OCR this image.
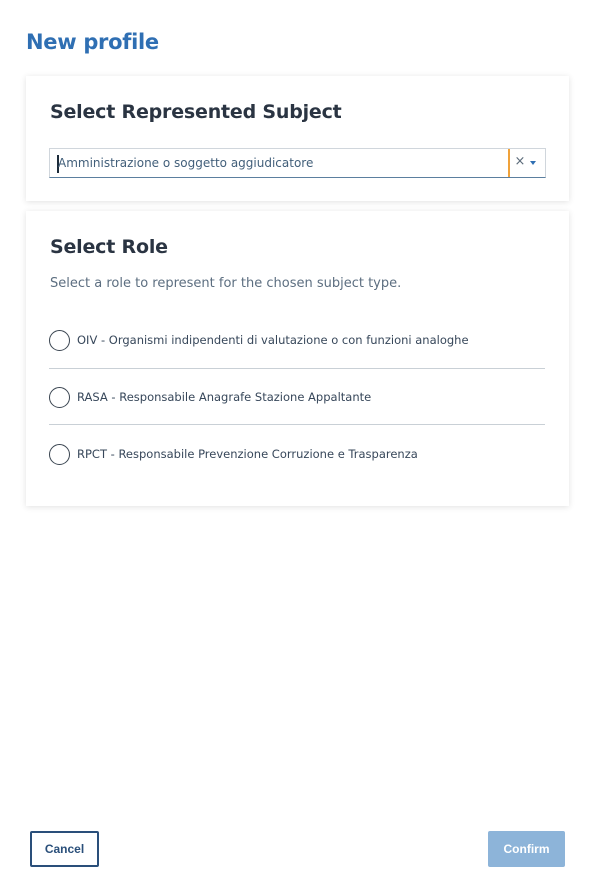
New profile
Select Represented Subject
Amministrazione o soggetto aggiudicatore	×
Select Role

Select a role to represent for the chosen subject type.

OIV - Organismi indipendenti di valutazione o con funzioni analoghe
RASA - Responsabile Anagrafe Stazione Appaltante
RPCT - Responsabile Prevenzione Corruzione e Trasparenza
Cancel	Confirm
